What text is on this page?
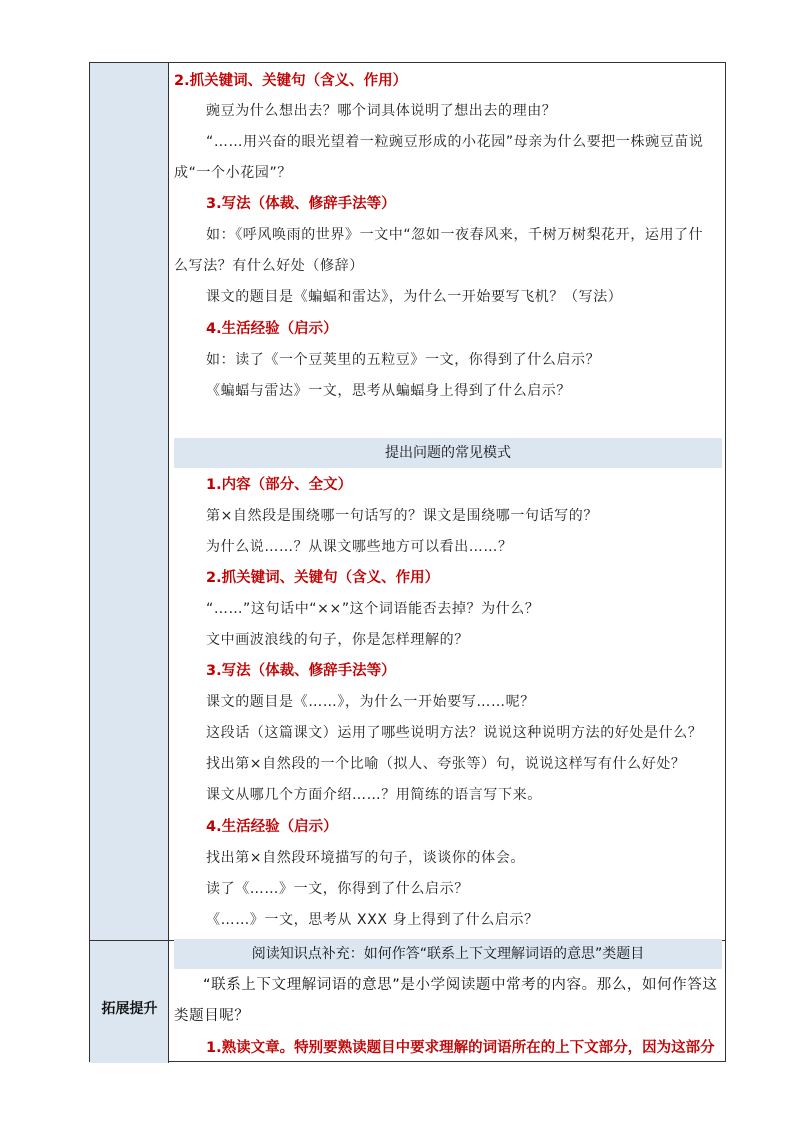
拓展提升
2.抓关键词、关键句（含义、作用）
豌豆为什么想出去？哪个词具体说明了想出去的理由？
“……用兴奋的眼光望着一粒豌豆形成的小花园”母亲为什么要把一株豌豆苗说
成“一个小花园”？
3.写法（体裁、修辞手法等）
如：《呼风唤雨的世界》一文中“忽如一夜春风来，千树万树梨花开，运用了什
么写法？有什么好处（修辞）
课文的题目是《蝙蝠和雷达》，为什么一开始要写飞机？（写法）
4.生活经验（启示）
如：读了《一个豆荚里的五粒豆》一文，你得到了什么启示？
《蝙蝠与雷达》一文，思考从蝙蝠身上得到了什么启示？
提出问题的常见模式
1.内容（部分、全文）
第×自然段是围绕哪一句话写的？课文是围绕哪一句话写的？
为什么说……？从课文哪些地方可以看出……？
2.抓关键词、关键句（含义、作用）
“……”这句话中“××”这个词语能否去掉？为什么？
文中画波浪线的句子，你是怎样理解的？
3.写法（体裁、修辞手法等）
课文的题目是《……》，为什么一开始要写……呢？
这段话（这篇课文）运用了哪些说明方法？说说这种说明方法的好处是什么？
找出第×自然段的一个比喻（拟人、夸张等）句，说说这样写有什么好处？
课文从哪几个方面介绍……？用简练的语言写下来。
4.生活经验（启示）
找出第×自然段环境描写的句子，谈谈你的体会。
读了《……》一文，你得到了什么启示？
《……》一文，思考从 XXX 身上得到了什么启示？
阅读知识点补充：如何作答“联系上下文理解词语的意思”类题目
“联系上下文理解词语的意思”是小学阅读题中常考的内容。那么，如何作答这类题目呢？
1.熟读文章。特别要熟读题目中要求理解的词语所在的上下文部分，因为这部分
